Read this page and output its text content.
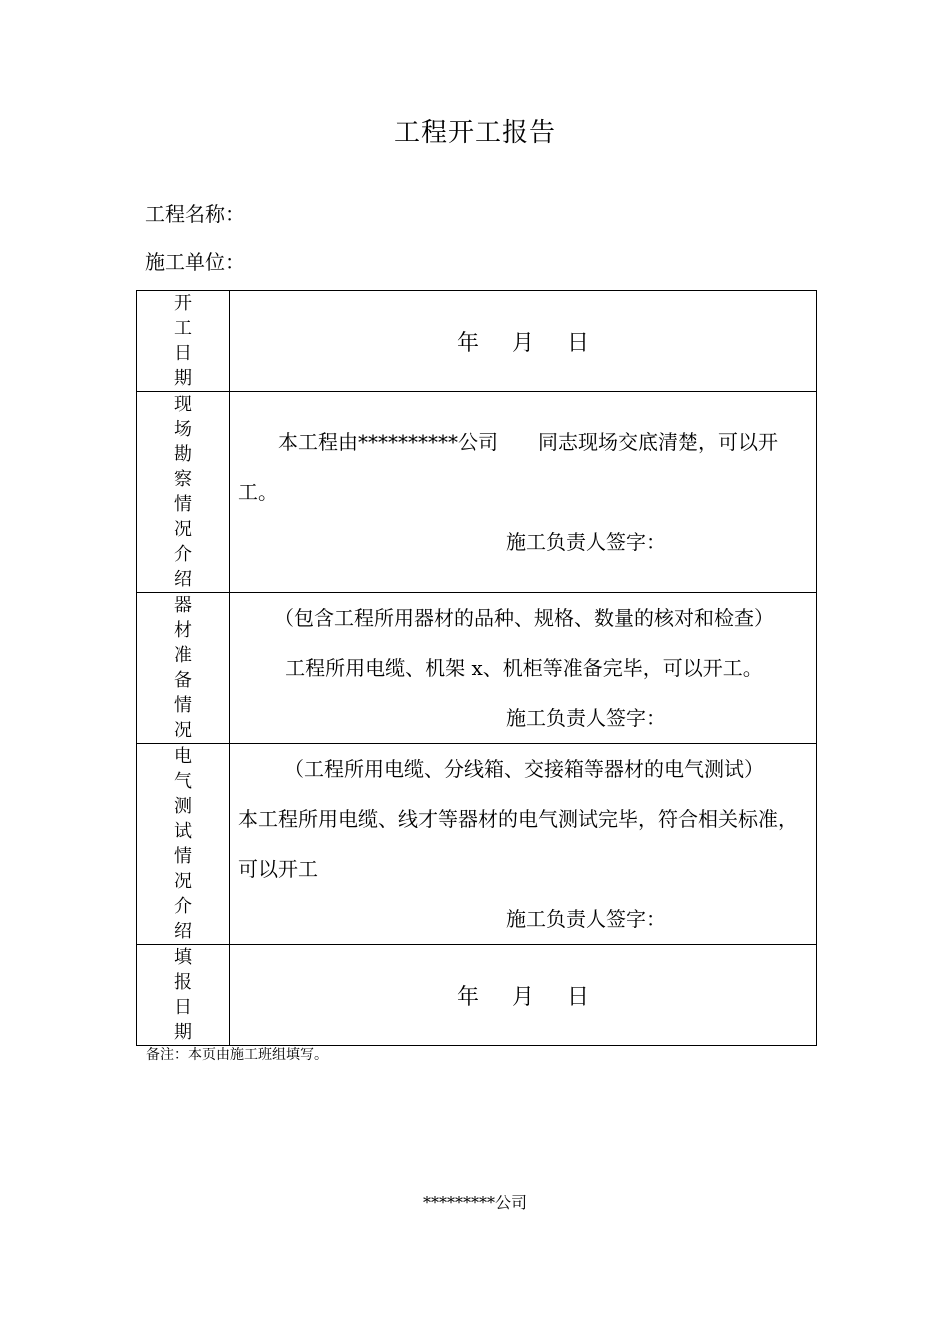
工程开工报告
工程名称：
施工单位：
开工日期	年 月 日

现场勘察情况介绍	本工程由**********公司　　同志现场交底清楚，可以开工。
施工负责人签字：

器材准备情况	（包含工程所用器材的品种、规格、数量的核对和检查）
工程所用电缆、机架 x、机柜等准备完毕，可以开工。
施工负责人签字：

电气测试情况介绍	（工程所用电缆、分线箱、交接箱等器材的电气测试）
本工程所用电缆、线才等器材的电气测试完毕，符合相关标准，可以开工
施工负责人签字：

填报日期	年 月 日
备注：本页由施工班组填写。
*********公司
